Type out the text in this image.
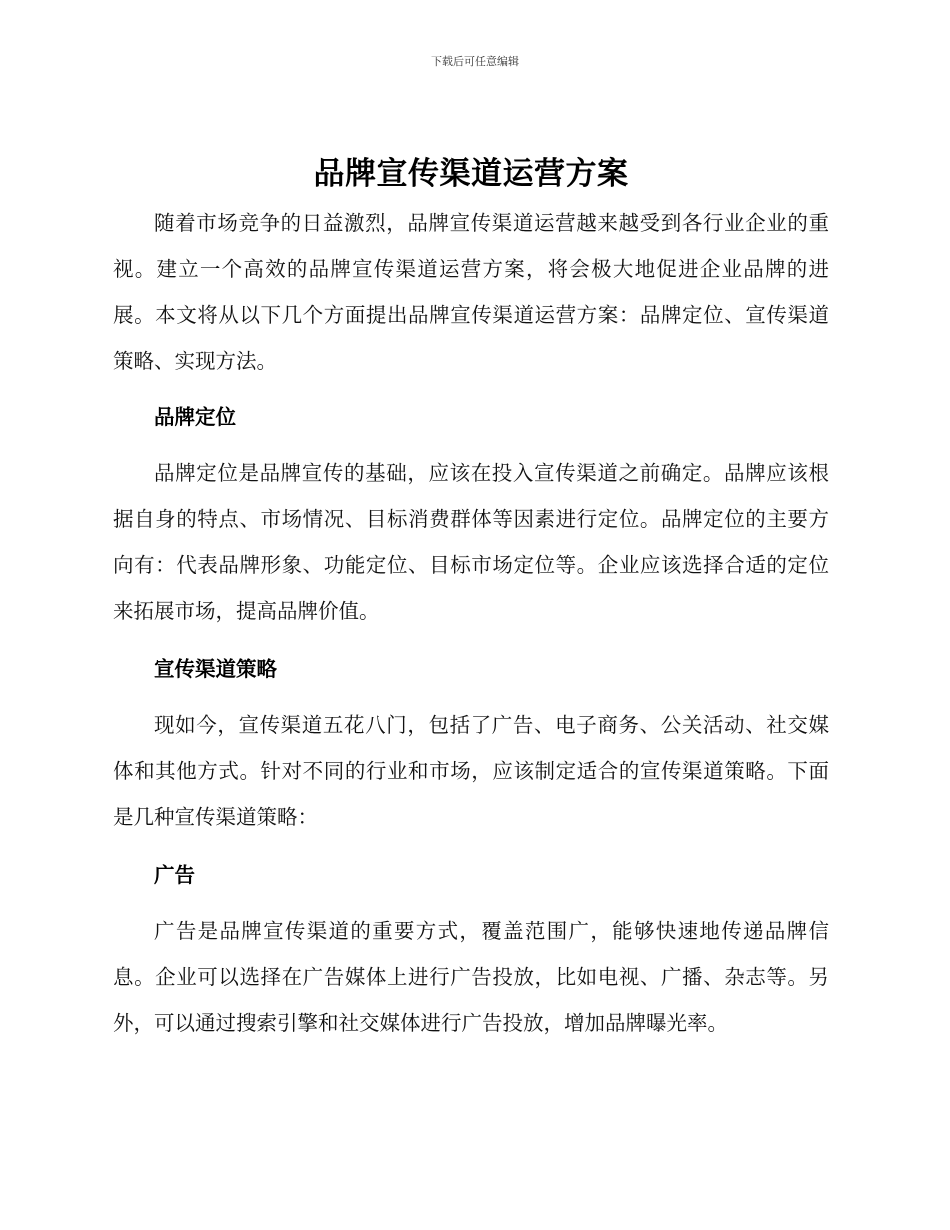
下载后可任意编辑
品牌宣传渠道运营方案

随着市场竞争的日益激烈，品牌宣传渠道运营越来越受到各行业企业的重视。建立一个高效的品牌宣传渠道运营方案，将会极大地促进企业品牌的进展。本文将从以下几个方面提出品牌宣传渠道运营方案：品牌定位、宣传渠道策略、实现方法。

品牌定位

品牌定位是品牌宣传的基础，应该在投入宣传渠道之前确定。品牌应该根据自身的特点、市场情况、目标消费群体等因素进行定位。品牌定位的主要方向有：代表品牌形象、功能定位、目标市场定位等。企业应该选择合适的定位来拓展市场，提高品牌价值。

宣传渠道策略

现如今，宣传渠道五花八门，包括了广告、电子商务、公关活动、社交媒体和其他方式。针对不同的行业和市场，应该制定适合的宣传渠道策略。下面是几种宣传渠道策略：

广告

广告是品牌宣传渠道的重要方式，覆盖范围广，能够快速地传递品牌信息。企业可以选择在广告媒体上进行广告投放，比如电视、广播、杂志等。另外，可以通过搜索引擎和社交媒体进行广告投放，增加品牌曝光率。
